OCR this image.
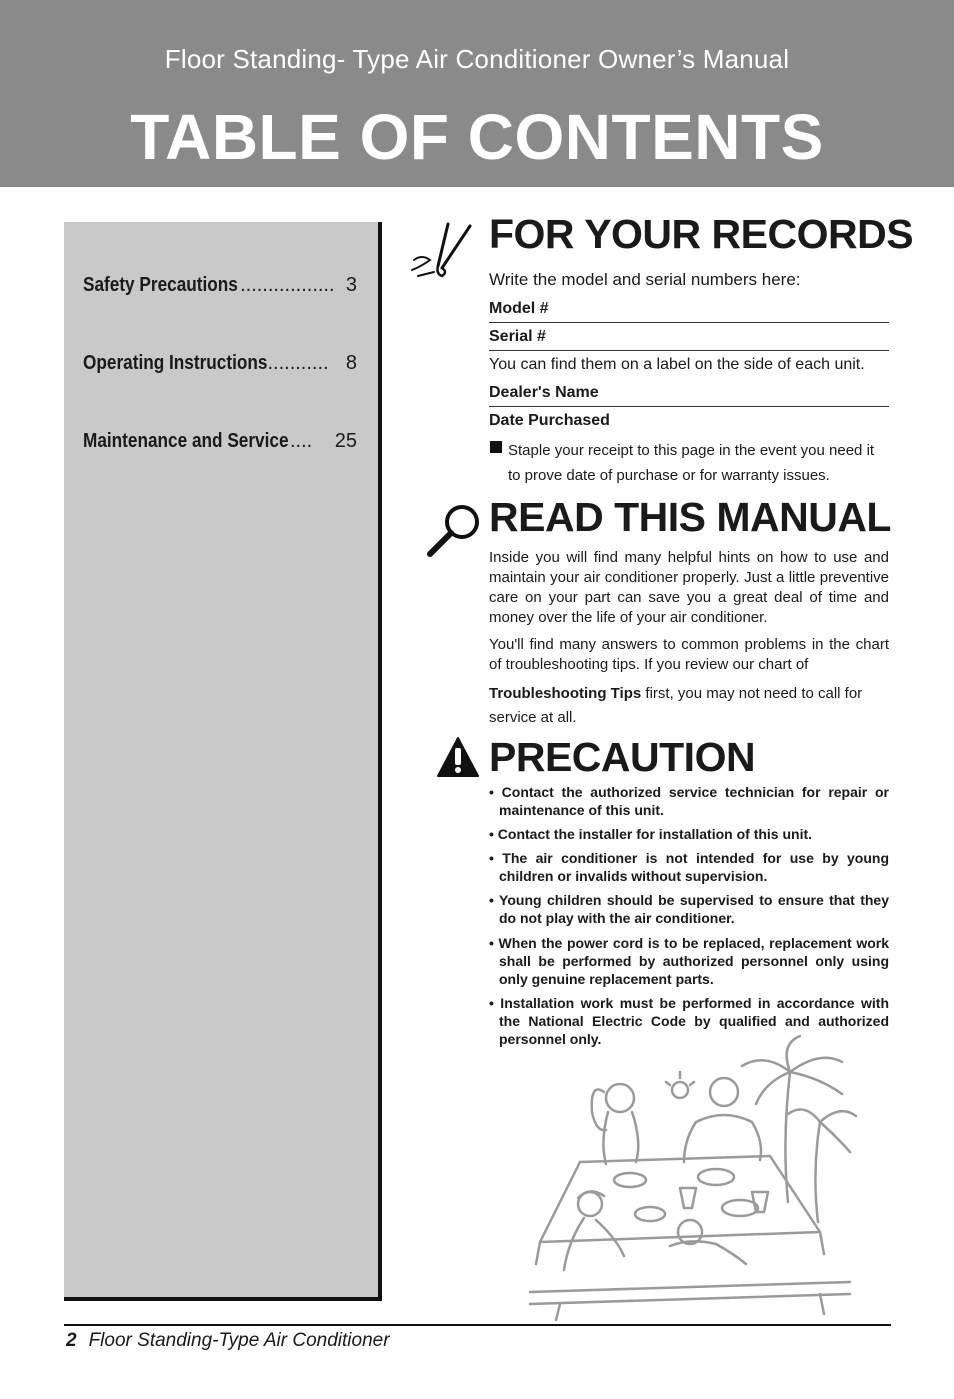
Floor Standing- Type Air Conditioner Owner’s Manual
TABLE OF CONTENTS
Safety Precautions ................. 3
Operating Instructions ........... 8
Maintenance and Service ....	25
FOR YOUR RECORDS
Write the model and serial numbers here:
Model #
Serial #
You can find them on a label on the side of each unit.
Dealer's Name
Date Purchased
Staple your receipt to this page in the event you need it to prove date of purchase or for warranty issues.
READ THIS MANUAL
Inside you will find many helpful hints on how to use and maintain your air conditioner properly. Just a little preventive care on your part can save you a great deal of time and money over the life of your air conditioner.
You'll find many answers to common problems in the chart of troubleshooting tips. If you review our chart of
Troubleshooting Tips first, you may not need to call for service at all.
PRECAUTION
• Contact the authorized service technician for repair or maintenance of this unit.
• Contact the installer for installation of this unit.
• The air conditioner is not intended for use by young children or invalids without supervision.
• Young children should be supervised to ensure that they do not play with the air conditioner.
• When the power cord is to be replaced, replacement work shall be performed by authorized personnel only using only genuine replacement parts.
• Installation work must be performed in accordance with the National Electric Code by qualified and authorized personnel only.
2 Floor Standing-Type Air Conditioner
